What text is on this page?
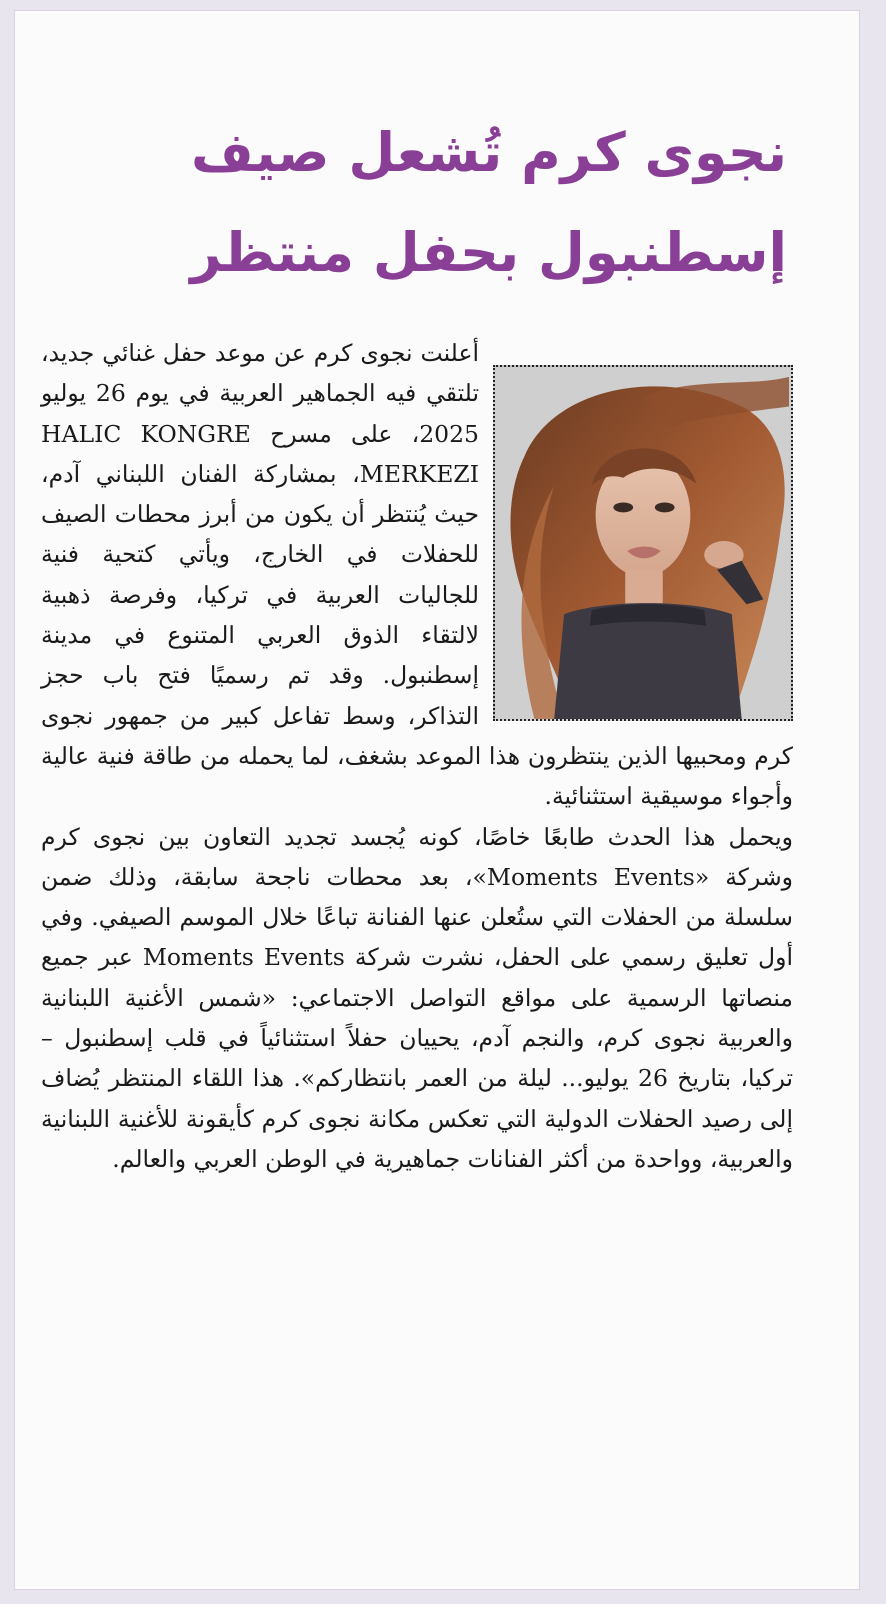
نجوى كرم تُشعل صيف إسطنبول بحفل منتظر

أعلنت نجوى كرم عن موعد حفل غنائي جديد، تلتقي فيه الجماهير العربية في يوم 26 يوليو 2025، على مسرح HALIC KONGRE MERKEZI، بمشاركة الفنان اللبناني آدم، حيث يُنتظر أن يكون من أبرز محطات الصيف للحفلات في الخارج، ويأتي كتحية فنية للجاليات العربية في تركيا، وفرصة ذهبية لالتقاء الذوق العربي المتنوع في مدينة إسطنبول. وقد تم رسميًا فتح باب حجز التذاكر، وسط تفاعل كبير من جمهور نجوى كرم ومحبيها الذين ينتظرون هذا الموعد بشغف، لما يحمله من طاقة فنية عالية وأجواء موسيقية استثنائية.

ويحمل هذا الحدث طابعًا خاصًا، كونه يُجسد تجديد التعاون بين نجوى كرم وشركة «Moments Events»، بعد محطات ناجحة سابقة، وذلك ضمن سلسلة من الحفلات التي ستُعلن عنها الفنانة تباعًا خلال الموسم الصيفي. وفي أول تعليق رسمي على الحفل، نشرت شركة Moments Events عبر جميع منصاتها الرسمية على مواقع التواصل الاجتماعي: «شمس الأغنية اللبنانية والعربية نجوى كرم، والنجم آدم، يحييان حفلاً استثنائياً في قلب إسطنبول – تركيا، بتاريخ 26 يوليو... ليلة من العمر بانتظاركم». هذا اللقاء المنتظر يُضاف إلى رصيد الحفلات الدولية التي تعكس مكانة نجوى كرم كأيقونة للأغنية اللبنانية والعربية، وواحدة من أكثر الفنانات جماهيرية في الوطن العربي والعالم.
